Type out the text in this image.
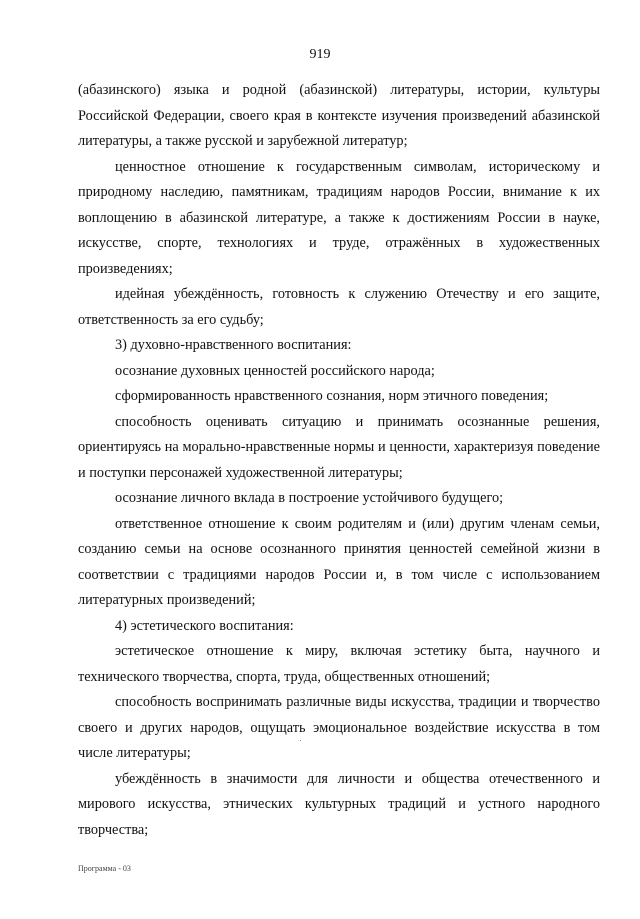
919

(абазинского) языка и родной (абазинской) литературы, истории, культуры Российской Федерации, своего края в контексте изучения произведений абазинской литературы, а также русской и зарубежной литератур;

ценностное отношение к государственным символам, историческому и природному наследию, памятникам, традициям народов России, внимание к их воплощению в абазинской литературе, а также к достижениям России в науке, искусстве, спорте, технологиях и труде, отражённых в художественных произведениях;

идейная убеждённость, готовность к служению Отечеству и его защите, ответственность за его судьбу;

3) духовно-нравственного воспитания:

осознание духовных ценностей российского народа;

сформированность нравственного сознания, норм этичного поведения;

способность оценивать ситуацию и принимать осознанные решения, ориентируясь на морально-нравственные нормы и ценности, характеризуя поведение и поступки персонажей художественной литературы;

осознание личного вклада в построение устойчивого будущего;

ответственное отношение к своим родителям и (или) другим членам семьи, созданию семьи на основе осознанного принятия ценностей семейной жизни в соответствии с традициями народов России и, в том числе с использованием литературных произведений;

4) эстетического воспитания:

эстетическое отношение к миру, включая эстетику быта, научного и технического творчества, спорта, труда, общественных отношений;

способность воспринимать различные виды искусства, традиции и творчество своего и других народов, ощущать эмоциональное воздействие искусства в том числе литературы;

убеждённость в значимости для личности и общества отечественного и мирового искусства, этнических культурных традиций и устного народного творчества;

Программа - 03
